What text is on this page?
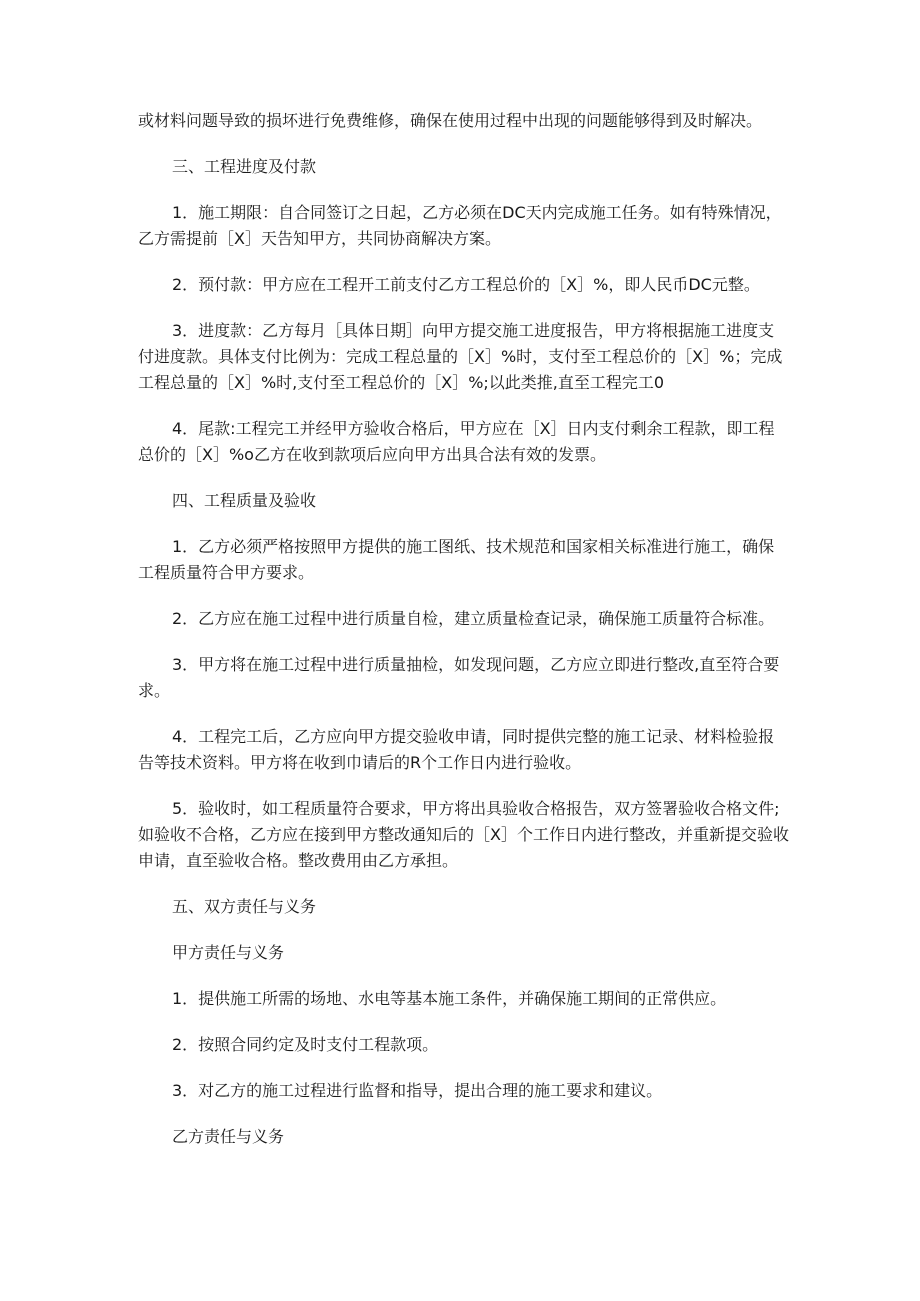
或材料问题导致的损坏进行免费维修，确保在使用过程中出现的问题能够得到及时解决。

三、工程进度及付款

1．施工期限：自合同签订之日起，乙方必须在DC天内完成施工任务。如有特殊情况，乙方需提前［X］天告知甲方，共同协商解决方案。

2．预付款：甲方应在工程开工前支付乙方工程总价的［X］%，即人民币DC元整。

3．进度款：乙方每月［具体日期］向甲方提交施工进度报告，甲方将根据施工进度支付进度款。具体支付比例为：完成工程总量的［X］%时，支付至工程总价的［X］%；完成工程总量的［X］%时,支付至工程总价的［X］%;以此类推,直至工程完工0

4．尾款:工程完工并经甲方验收合格后，甲方应在［X］日内支付剩余工程款，即工程总价的［X］%o乙方在收到款项后应向甲方出具合法有效的发票。

四、工程质量及验收

1．乙方必须严格按照甲方提供的施工图纸、技术规范和国家相关标准进行施工，确保工程质量符合甲方要求。

2．乙方应在施工过程中进行质量自检，建立质量检查记录，确保施工质量符合标准。

3．甲方将在施工过程中进行质量抽检，如发现问题，乙方应立即进行整改,直至符合要求。

4．工程完工后，乙方应向甲方提交验收申请，同时提供完整的施工记录、材料检验报告等技术资料。甲方将在收到巾请后的R个工作日内进行验收。

5．验收时，如工程质量符合要求，甲方将出具验收合格报告，双方签署验收合格文件;如验收不合格，乙方应在接到甲方整改通知后的［X］个工作日内进行整改，并重新提交验收申请，直至验收合格。整改费用由乙方承担。

五、双方责任与义务

甲方责任与义务

1．提供施工所需的场地、水电等基本施工条件，并确保施工期间的正常供应。

2．按照合同约定及时支付工程款项。

3．对乙方的施工过程进行监督和指导，提出合理的施工要求和建议。

乙方责任与义务
